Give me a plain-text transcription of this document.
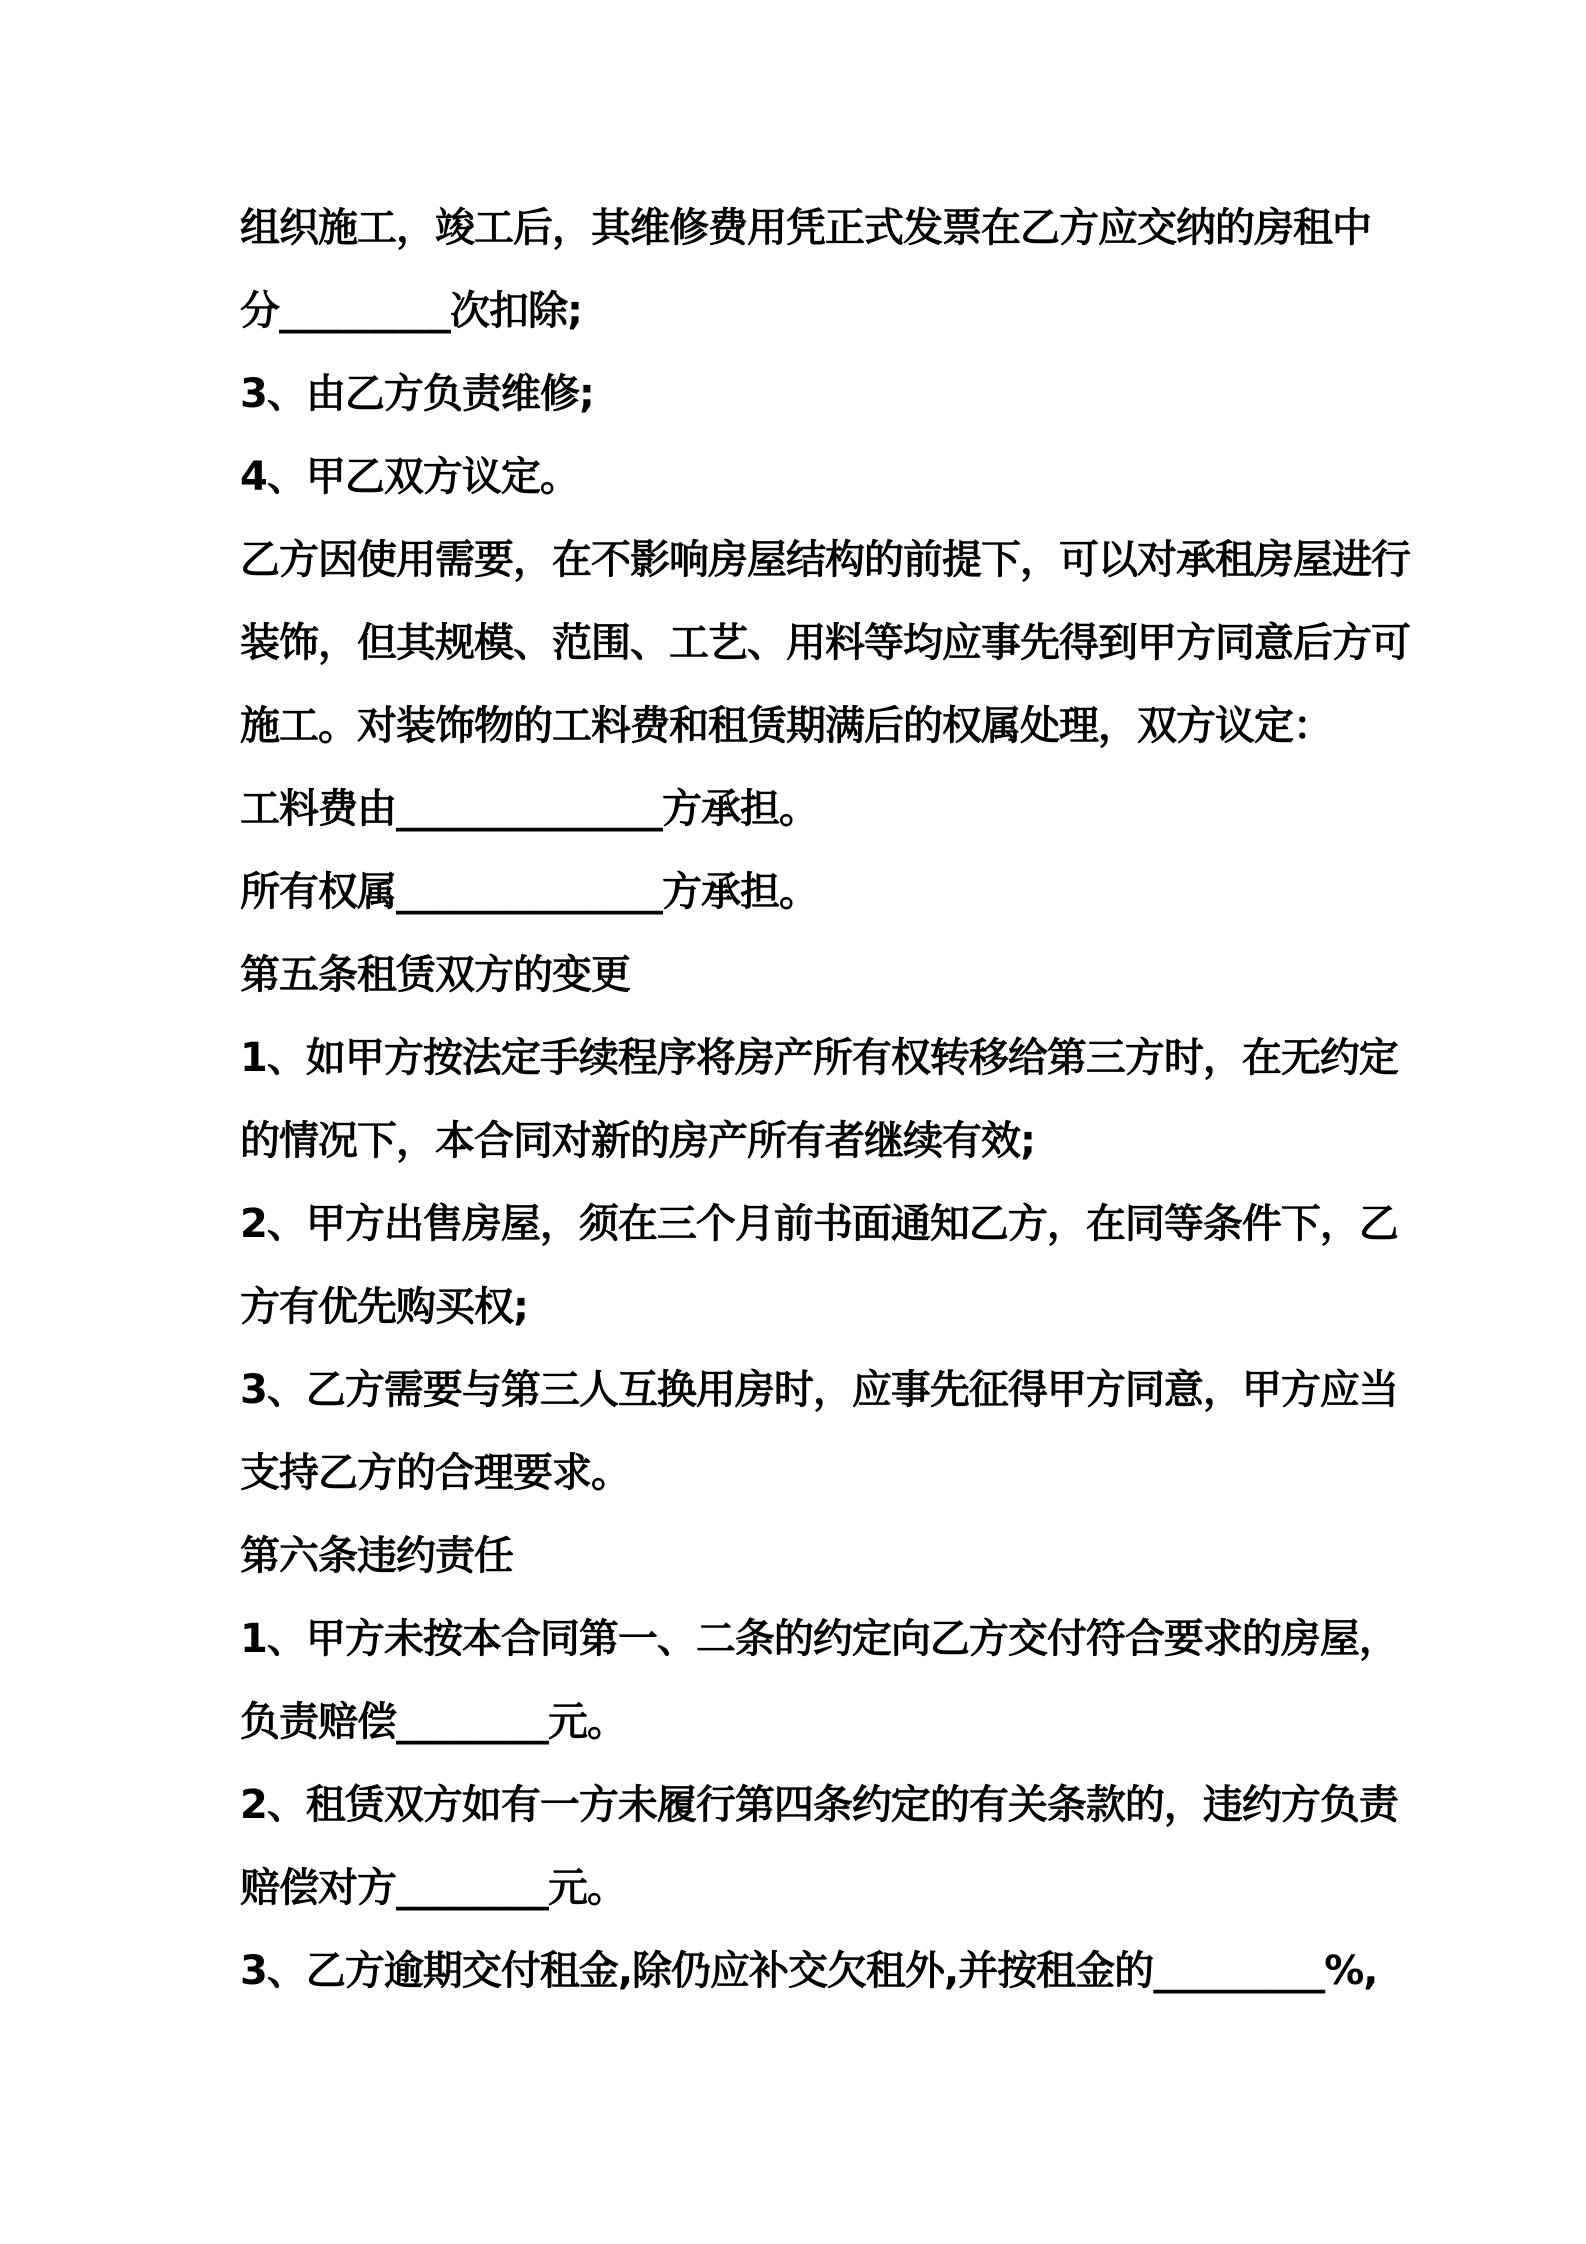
组织施工，竣工后，其维修费用凭正式发票在乙方应交纳的房租中

分_________次扣除;

3、由乙方负责维修;

4、甲乙双方议定。

乙方因使用需要，在不影响房屋结构的前提下，可以对承租房屋进行

装饰，但其规模、范围、工艺、用料等均应事先得到甲方同意后方可

施工。对装饰物的工料费和租赁期满后的权属处理，双方议定：

工料费由______________方承担。

所有权属______________方承担。

第五条租赁双方的变更

1、如甲方按法定手续程序将房产所有权转移给第三方时，在无约定

的情况下，本合同对新的房产所有者继续有效;

2、甲方出售房屋，须在三个月前书面通知乙方，在同等条件下，乙

方有优先购买权;

3、乙方需要与第三人互换用房时，应事先征得甲方同意，甲方应当

支持乙方的合理要求。

第六条违约责任

1、甲方未按本合同第一、二条的约定向乙方交付符合要求的房屋，

负责赔偿________元。

2、租赁双方如有一方未履行第四条约定的有关条款的，违约方负责

赔偿对方________元。

3、乙方逾期交付租金,除仍应补交欠租外,并按租金的_________%,
